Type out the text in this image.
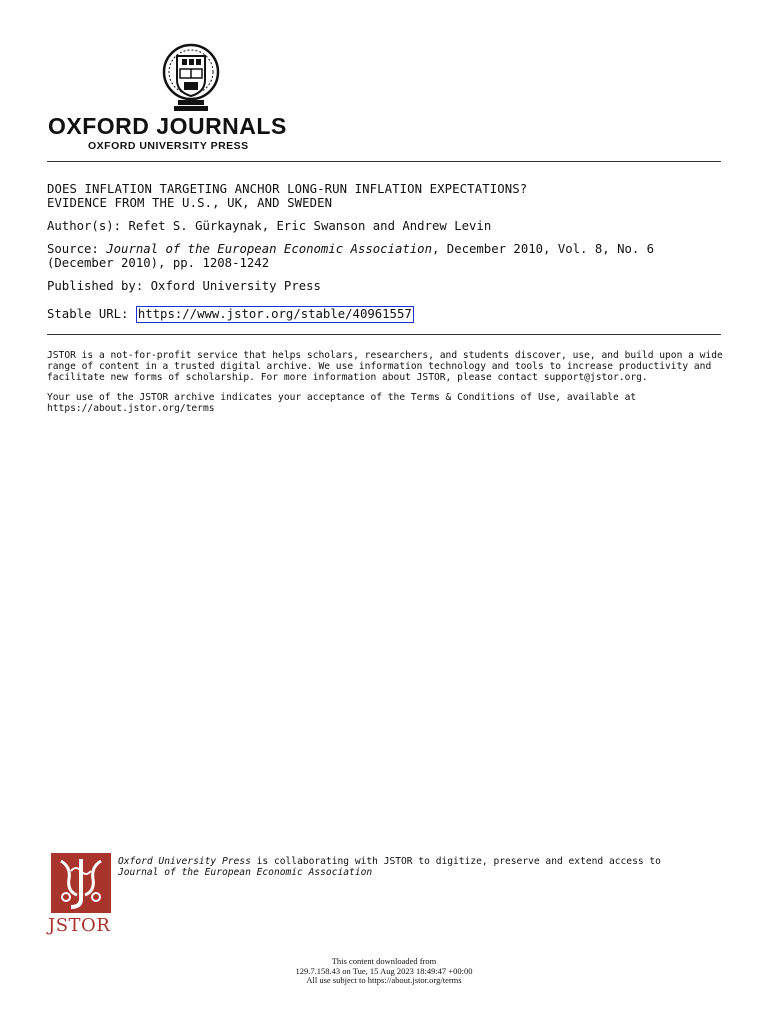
OXFORD JOURNALS
OXFORD UNIVERSITY PRESS
DOES INFLATION TARGETING ANCHOR LONG-RUN INFLATION EXPECTATIONS?
EVIDENCE FROM THE U.S., UK, AND SWEDEN
Author(s): Refet S. Gürkaynak, Eric Swanson and Andrew Levin
Source: Journal of the European Economic Association, December 2010, Vol. 8, No. 6
(December 2010), pp. 1208-1242
Published by: Oxford University Press
Stable URL: https://www.jstor.org/stable/40961557
JSTOR is a not-for-profit service that helps scholars, researchers, and students discover, use, and build upon a wide
range of content in a trusted digital archive. We use information technology and tools to increase productivity and
facilitate new forms of scholarship. For more information about JSTOR, please contact support@jstor.org.
Your use of the JSTOR archive indicates your acceptance of the Terms & Conditions of Use, available at
https://about.jstor.org/terms
JSTOR
Oxford University Press is collaborating with JSTOR to digitize, preserve and extend access to
Journal of the European Economic Association
This content downloaded from
129.7.158.43 on Tue, 15 Aug 2023 18:49:47 +00:00
All use subject to https://about.jstor.org/terms
